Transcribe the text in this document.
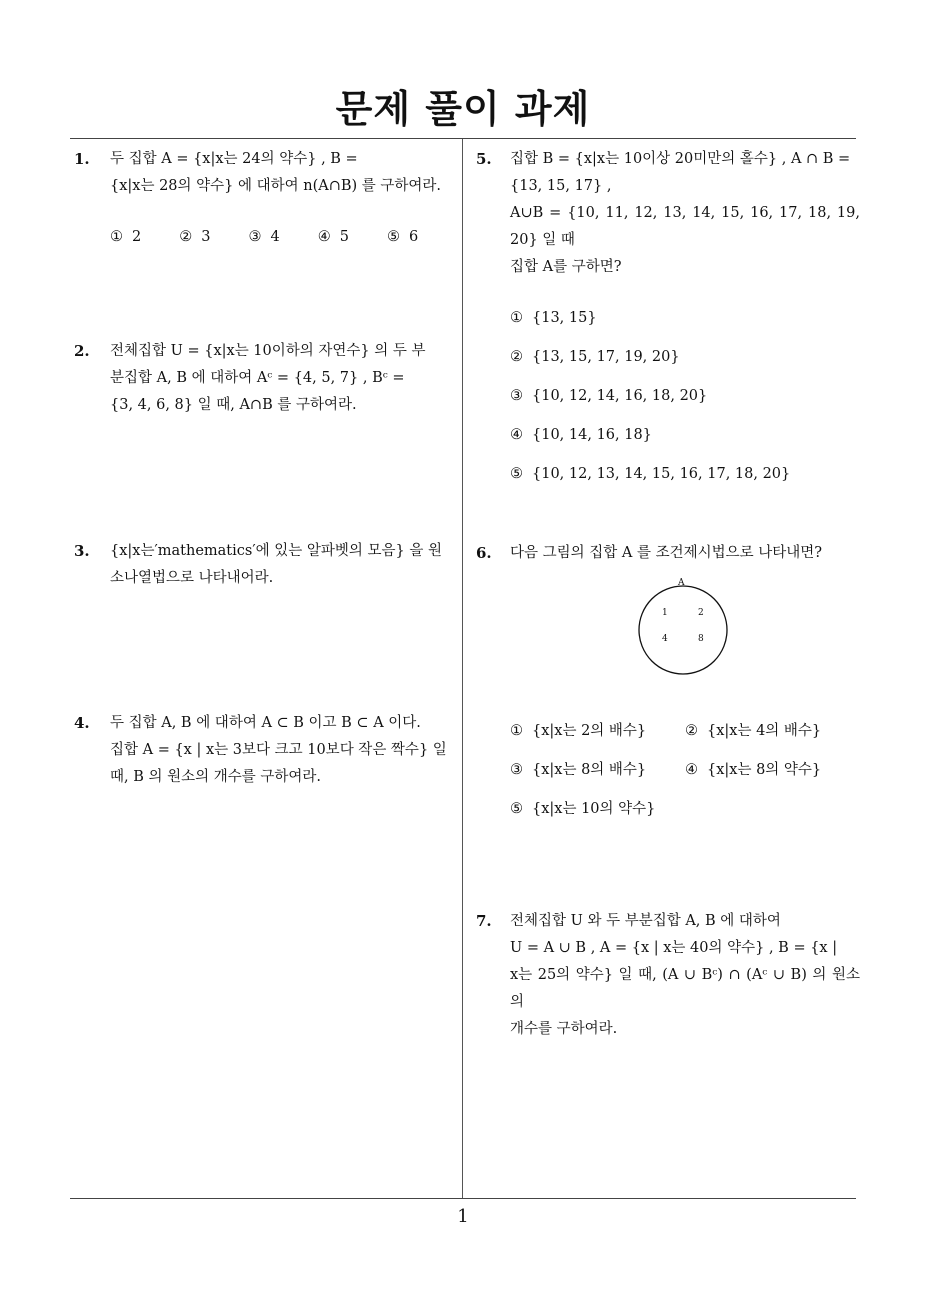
문제 풀이 과제
1
1. 두 집합 A = {x|x는 24의 약수} , B =

{x|x는 28의 약수} 에 대하여 n(A∩B) 를 구하여라.

① 2	② 3	③ 4	④ 5	⑤ 6
2. 전체집합 U = {x|x는 10이하의 자연수} 의 두 부

분집합 A, B 에 대하여 Aᶜ = {4, 5, 7} , Bᶜ =

{3, 4, 6, 8} 일 때, A∩B 를 구하여라.

3. {x|x는′mathematics′에 있는 알파벳의 모음} 을 원

소나열법으로 나타내어라.

4. 두 집합 A, B 에 대하여 A ⊂ B 이고 B ⊂ A 이다.

집합 A = {x | x는 3보다 크고 10보다 작은 짝수} 일

때, B 의 원소의 개수를 구하여라.

5. 집합 B = {x|x는 10이상 20미만의 홀수} , A ∩ B =

{13, 15, 17} ,

A∪B = {10, 11, 12, 13, 14, 15, 16, 17, 18, 19, 20} 일 때

집합 A를 구하면?

① {13, 15}
② {13, 15, 17, 19, 20}
③ {10, 12, 14, 16, 18, 20}
④ {10, 14, 16, 18}
⑤ {10, 12, 13, 14, 15, 16, 17, 18, 20}
6. 다음 그림의 집합 A 를 조건제시법으로 나타내면?

A
1	2
4	8
① {x|x는 2의 배수}	② {x|x는 4의 배수}
③ {x|x는 8의 배수}	④ {x|x는 8의 약수}
⑤ {x|x는 10의 약수}
7. 전체집합 U 와 두 부분집합 A, B 에 대하여

U = A ∪ B , A = {x | x는 40의 약수} , B = {x |

x는 25의 약수} 일 때, (A ∪ Bᶜ) ∩ (Aᶜ ∪ B) 의 원소의

개수를 구하여라.
